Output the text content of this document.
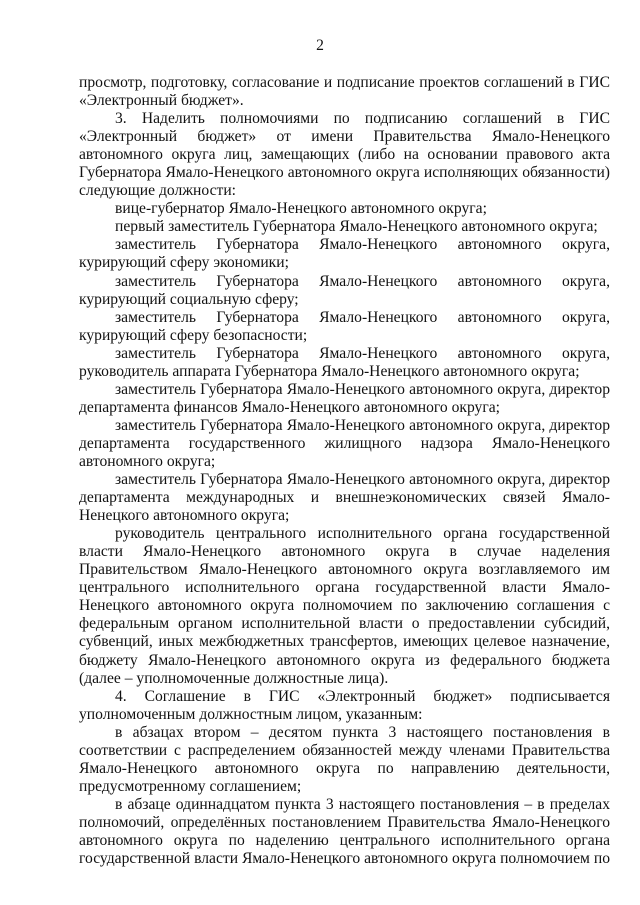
2

просмотр, подготовку, согласование и подписание проектов соглашений в ГИС «Электронный бюджет».

3. Наделить полномочиями по подписанию соглашений в ГИС «Электронный бюджет» от имени Правительства Ямало-Ненецкого автономного округа лиц, замещающих (либо на основании правового акта Губернатора Ямало-Ненецкого автономного округа исполняющих обязанности) следующие должности:

вице-губернатор Ямало-Ненецкого автономного округа;

первый заместитель Губернатора Ямало-Ненецкого автономного округа;

заместитель Губернатора Ямало-Ненецкого автономного округа, курирующий сферу экономики;

заместитель Губернатора Ямало-Ненецкого автономного округа, курирующий социальную сферу;

заместитель Губернатора Ямало-Ненецкого автономного округа, курирующий сферу безопасности;

заместитель Губернатора Ямало-Ненецкого автономного округа, руководитель аппарата Губернатора Ямало-Ненецкого автономного округа;

заместитель Губернатора Ямало-Ненецкого автономного округа, директор департамента финансов Ямало-Ненецкого автономного округа;

заместитель Губернатора Ямало-Ненецкого автономного округа, директор департамента государственного жилищного надзора Ямало-Ненецкого автономного округа;

заместитель Губернатора Ямало-Ненецкого автономного округа, директор департамента международных и внешнеэкономических связей Ямало-Ненецкого автономного округа;

руководитель центрального исполнительного органа государственной власти Ямало-Ненецкого автономного округа в случае наделения Правительством Ямало-Ненецкого автономного округа возглавляемого им центрального исполнительного органа государственной власти Ямало-Ненецкого автономного округа полномочием по заключению соглашения с федеральным органом исполнительной власти о предоставлении субсидий, субвенций, иных межбюджетных трансфертов, имеющих целевое назначение, бюджету Ямало-Ненецкого автономного округа из федерального бюджета (далее – уполномоченные должностные лица).

4. Соглашение в ГИС «Электронный бюджет» подписывается уполномоченным должностным лицом, указанным:

в абзацах втором – десятом пункта 3 настоящего постановления в соответствии с распределением обязанностей между членами Правительства Ямало-Ненецкого автономного округа по направлению деятельности, предусмотренному соглашением;

в абзаце одиннадцатом пункта 3 настоящего постановления – в пределах полномочий, определённых постановлением Правительства Ямало-Ненецкого автономного округа по наделению центрального исполнительного органа государственной власти Ямало-Ненецкого автономного округа полномочием по
